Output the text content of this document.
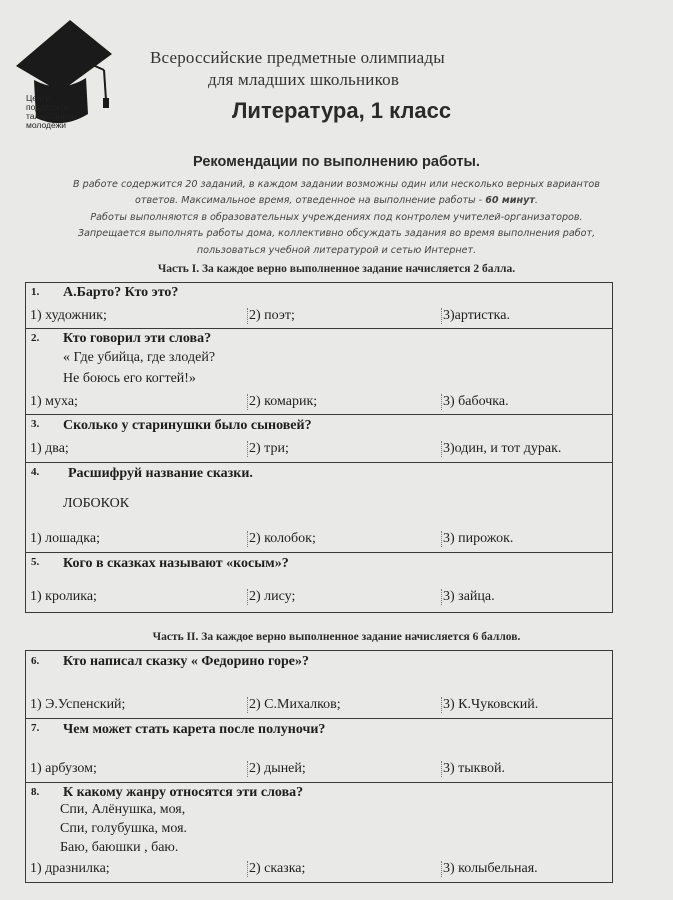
Центр
поддержки
талантливой
молодежи
Всероссийские предметные олимпиады
для младших школьников
Литература, 1 класс
Рекомендации по выполнению работы.
В работе содержится 20 заданий, в каждом задании возможны один или несколько верных вариантов
ответов. Максимальное время, отведенное на выполнение работы - 60 минут.
Работы выполняются в образовательных учреждениях под контролем учителей-организаторов.
Запрещается выполнять работы дома, коллективно обсуждать задания во время выполнения работ,
пользоваться учебной литературой и сетью Интернет.
Часть I. За каждое верно выполненное задание начисляется 2 балла.
1. А.Барто? Кто это?
1) художник;	2) поэт;	3)артистка.
2. Кто говорил эти слова?
« Где убийца, где злодей?
Не боюсь его когтей!»
1) муха;	2) комарик;	3) бабочка.
3. Сколько у старинушки было сыновей?
1) два;	2) три;	3)один, и тот дурак.
4. Расшифруй название сказки.
ЛОБОКОК
1) лошадка;	2) колобок;	3) пирожок.
5. Кого в сказках называют «косым»?
1) кролика;	2) лису;	3) зайца.
Часть II. За каждое верно выполненное задание начисляется 6 баллов.
6. Кто написал сказку « Федорино горе»?
1) Э.Успенский;	2) С.Михалков;	3) К.Чуковский.
7. Чем может стать карета после полуночи?
1) арбузом;	2) дыней;	3) тыквой.
8. К какому жанру относятся эти слова?
Спи, Алёнушка, моя,
Спи, голубушка, моя.
Баю, баюшки , баю.
1) дразнилка;	2) сказка;	3) колыбельная.
